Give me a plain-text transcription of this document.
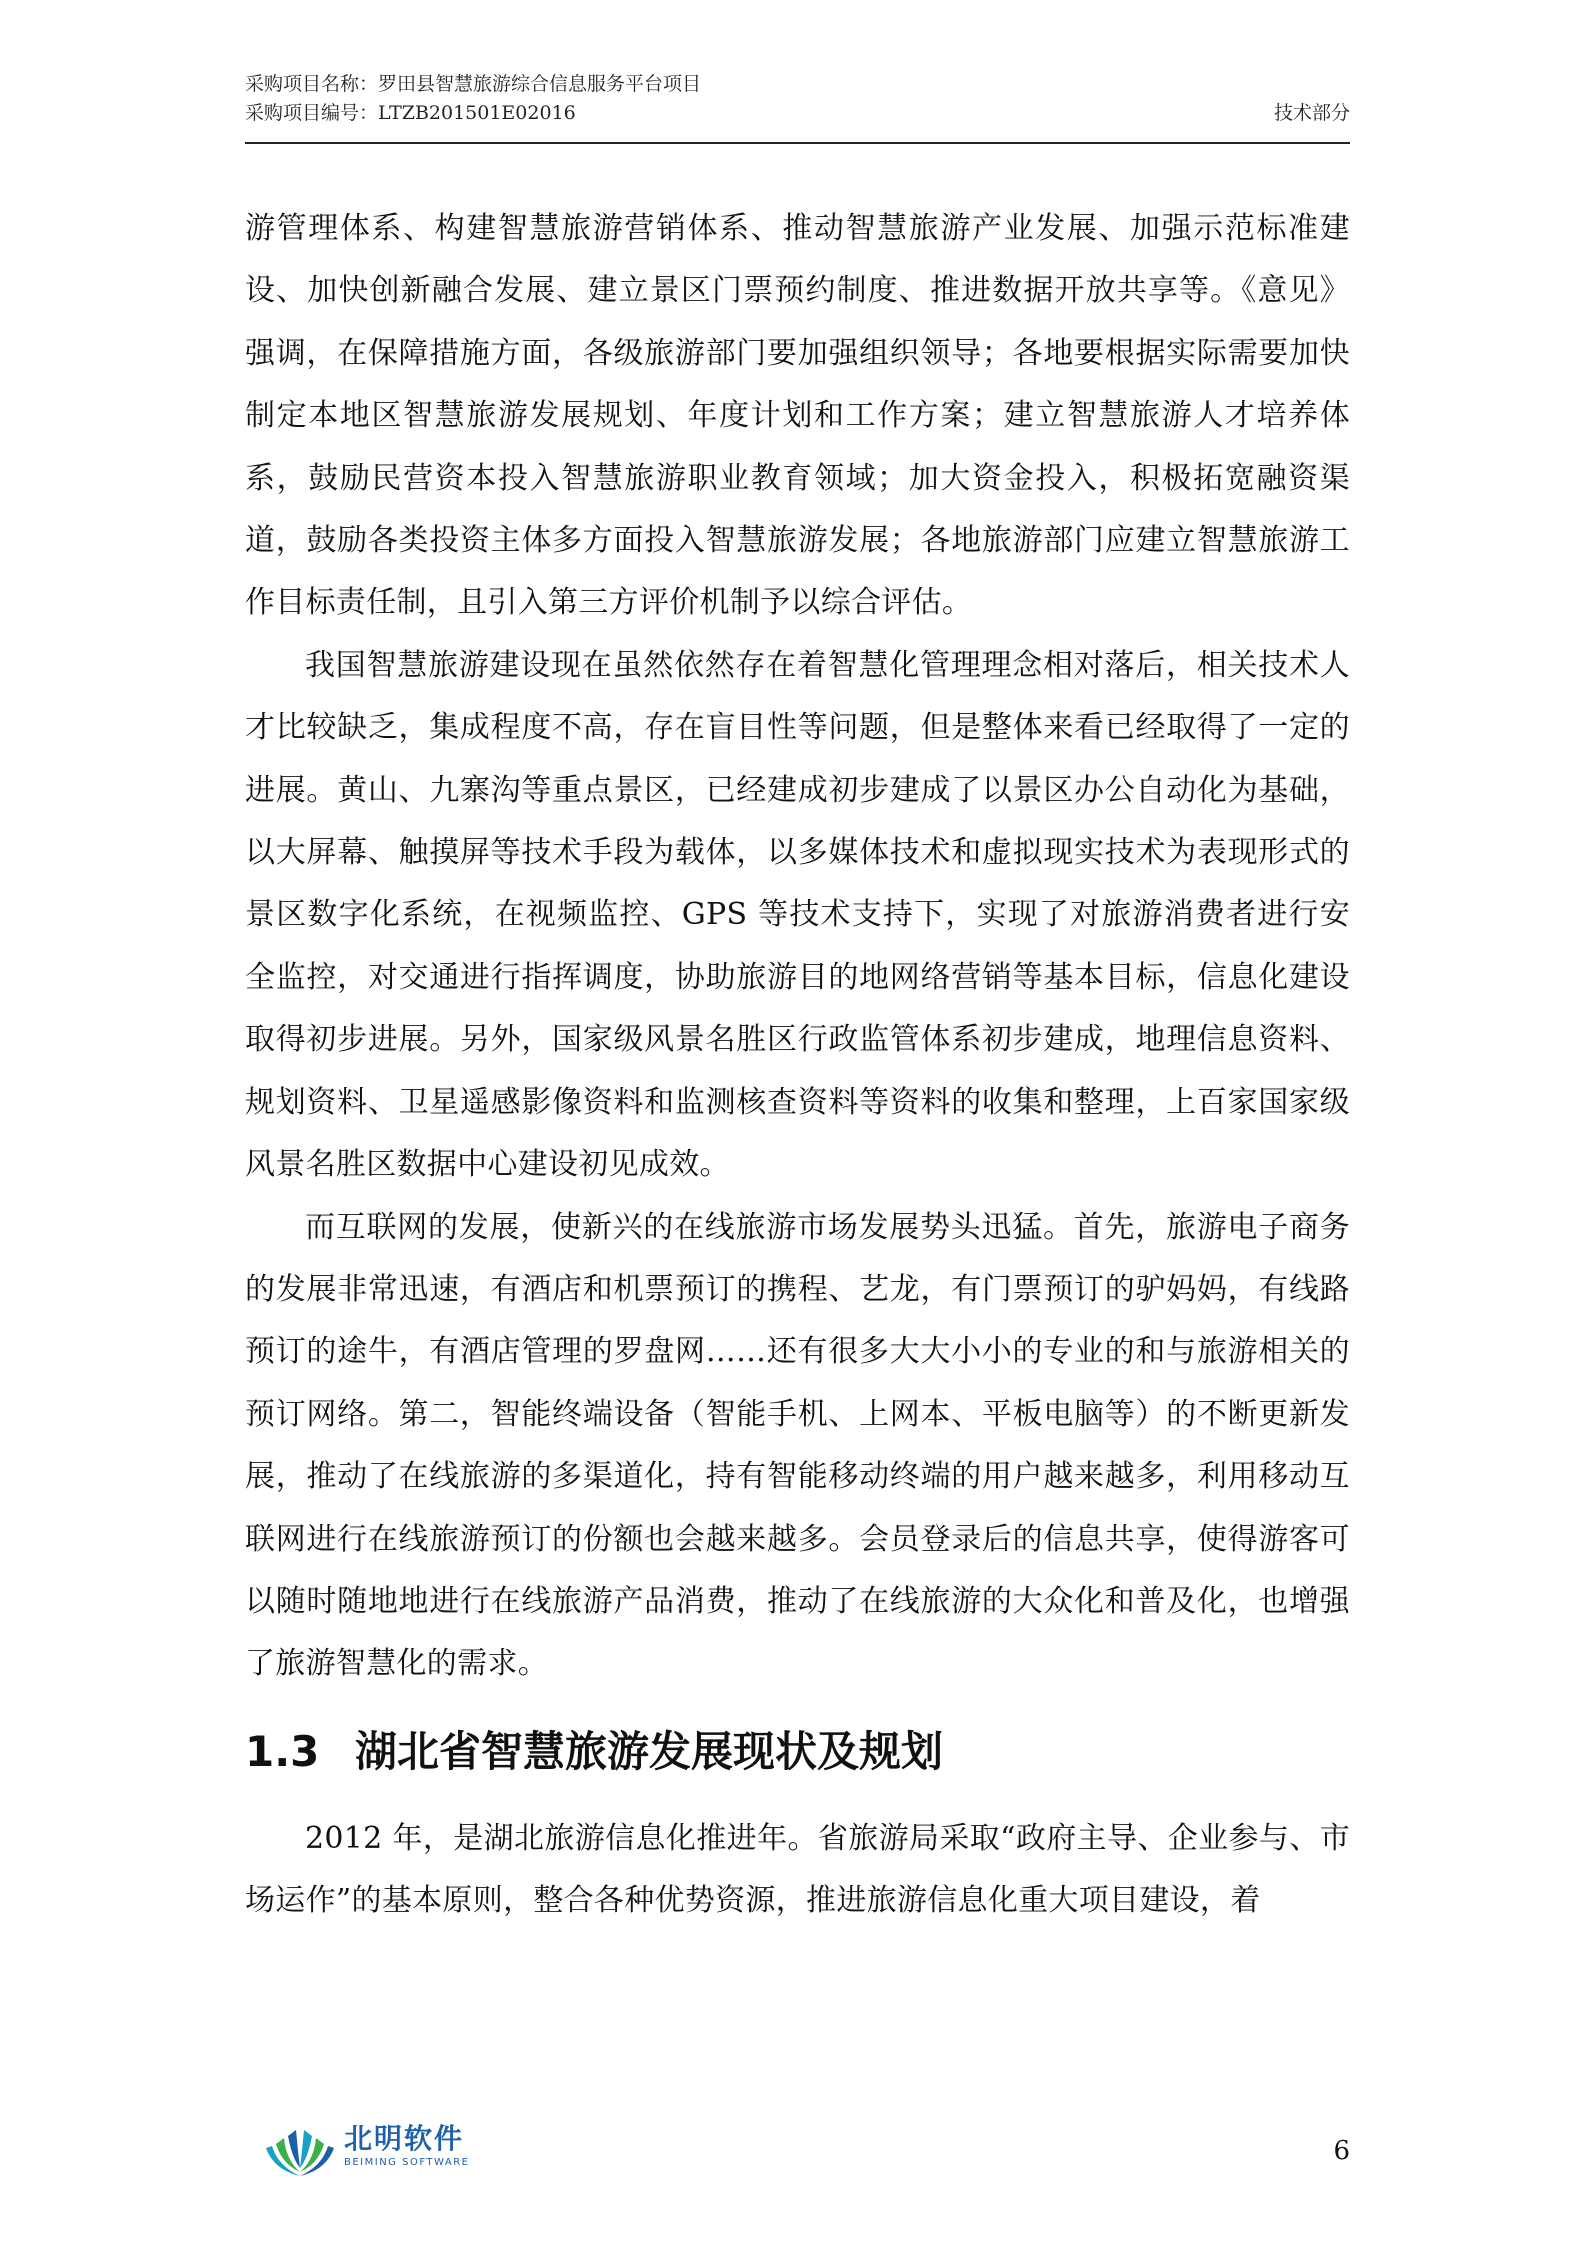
采购项目名称：罗田县智慧旅游综合信息服务平台项目
采购项目编号：LTZB201501E02016	技术部分

游管理体系、构建智慧旅游营销体系、推动智慧旅游产业发展、加强示范标准建设、加快创新融合发展、建立景区门票预约制度、推进数据开放共享等。《意见》强调，在保障措施方面，各级旅游部门要加强组织领导；各地要根据实际需要加快制定本地区智慧旅游发展规划、年度计划和工作方案；建立智慧旅游人才培养体系，鼓励民营资本投入智慧旅游职业教育领域；加大资金投入，积极拓宽融资渠道，鼓励各类投资主体多方面投入智慧旅游发展；各地旅游部门应建立智慧旅游工作目标责任制，且引入第三方评价机制予以综合评估。

我国智慧旅游建设现在虽然依然存在着智慧化管理理念相对落后，相关技术人才比较缺乏，集成程度不高，存在盲目性等问题，但是整体来看已经取得了一定的进展。黄山、九寨沟等重点景区，已经建成初步建成了以景区办公自动化为基础，以大屏幕、触摸屏等技术手段为载体，以多媒体技术和虚拟现实技术为表现形式的景区数字化系统，在视频监控、GPS 等技术支持下，实现了对旅游消费者进行安全监控，对交通进行指挥调度，协助旅游目的地网络营销等基本目标，信息化建设取得初步进展。另外，国家级风景名胜区行政监管体系初步建成，地理信息资料、规划资料、卫星遥感影像资料和监测核查资料等资料的收集和整理，上百家国家级风景名胜区数据中心建设初见成效。

而互联网的发展，使新兴的在线旅游市场发展势头迅猛。首先，旅游电子商务的发展非常迅速，有酒店和机票预订的携程、艺龙，有门票预订的驴妈妈，有线路预订的途牛，有酒店管理的罗盘网……还有很多大大小小的专业的和与旅游相关的预订网络。第二，智能终端设备（智能手机、上网本、平板电脑等）的不断更新发展，推动了在线旅游的多渠道化，持有智能移动终端的用户越来越多，利用移动互联网进行在线旅游预订的份额也会越来越多。会员登录后的信息共享，使得游客可以随时随地地进行在线旅游产品消费，推动了在线旅游的大众化和普及化，也增强了旅游智慧化的需求。

1.3 湖北省智慧旅游发展现状及规划

2012 年，是湖北旅游信息化推进年。省旅游局采取“政府主导、企业参与、市场运作”的基本原则，整合各种优势资源，推进旅游信息化重大项目建设，着

北明软件
BEIMING SOFTWARE	6
